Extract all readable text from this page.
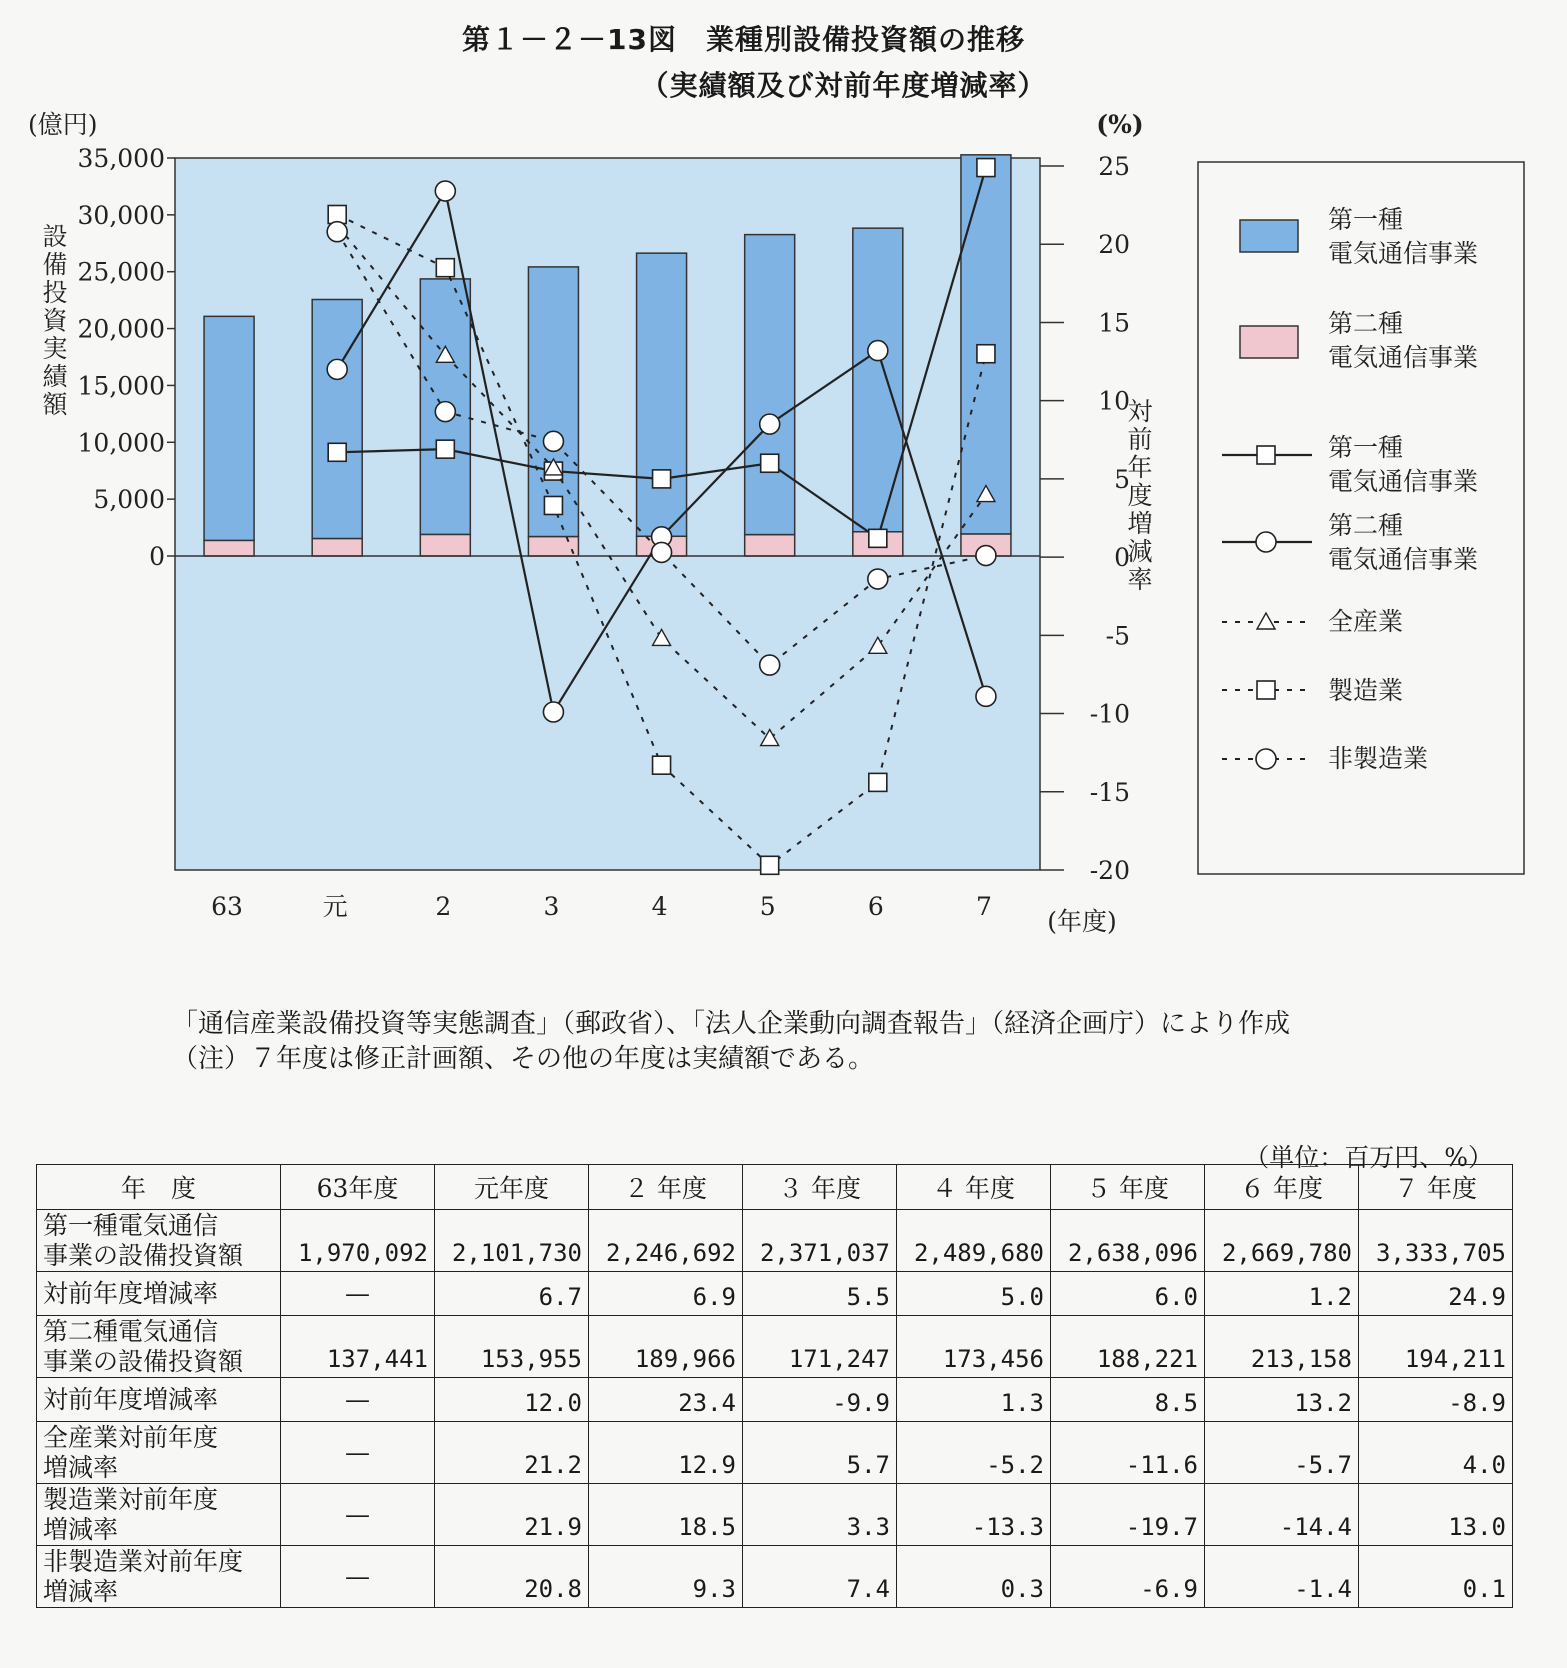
第１－２－13図　業種別設備投資額の推移
（実績額及び対前年度増減率）
35,000
30,000
25,000
20,000
15,000
10,000
5,000
0
(億円)
設備投資実績額
25
20
15
10
5
0
-5
-10
-15
-20
(%)
対前年度増減率
63	元	2	3	4	5	6	7
(年度)
第一種
電気通信事業
第二種
電気通信事業
第一種
電気通信事業
第二種
電気通信事業
全産業
製造業
非製造業
「通信産業設備投資等実態調査」（郵政省）、「法人企業動向調査報告」（経済企画庁）により作成
（注）７年度は修正計画額、その他の年度は実績額である。
（単位：百万円、%）
年　度	63年度	元年度	２ 年度	３ 年度	４ 年度	５ 年度	６ 年度	７ 年度

第一種電気通信
事業の設備投資額	1,970,092	2,101,730	2,246,692	2,371,037	2,489,680	2,638,096	2,669,780	3,333,705

対前年度増減率	—	6.7	6.9	5.5	5.0	6.0	1.2	24.9

第二種電気通信
事業の設備投資額	137,441	153,955	189,966	171,247	173,456	188,221	213,158	194,211

対前年度増減率	—	12.0	23.4	-9.9	1.3	8.5	13.2	-8.9

全産業対前年度
増減率	—	21.2	12.9	5.7	-5.2	-11.6	-5.7	4.0

製造業対前年度
増減率	—	21.9	18.5	3.3	-13.3	-19.7	-14.4	13.0

非製造業対前年度
増減率	—	20.8	9.3	7.4	0.3	-6.9	-1.4	0.1
